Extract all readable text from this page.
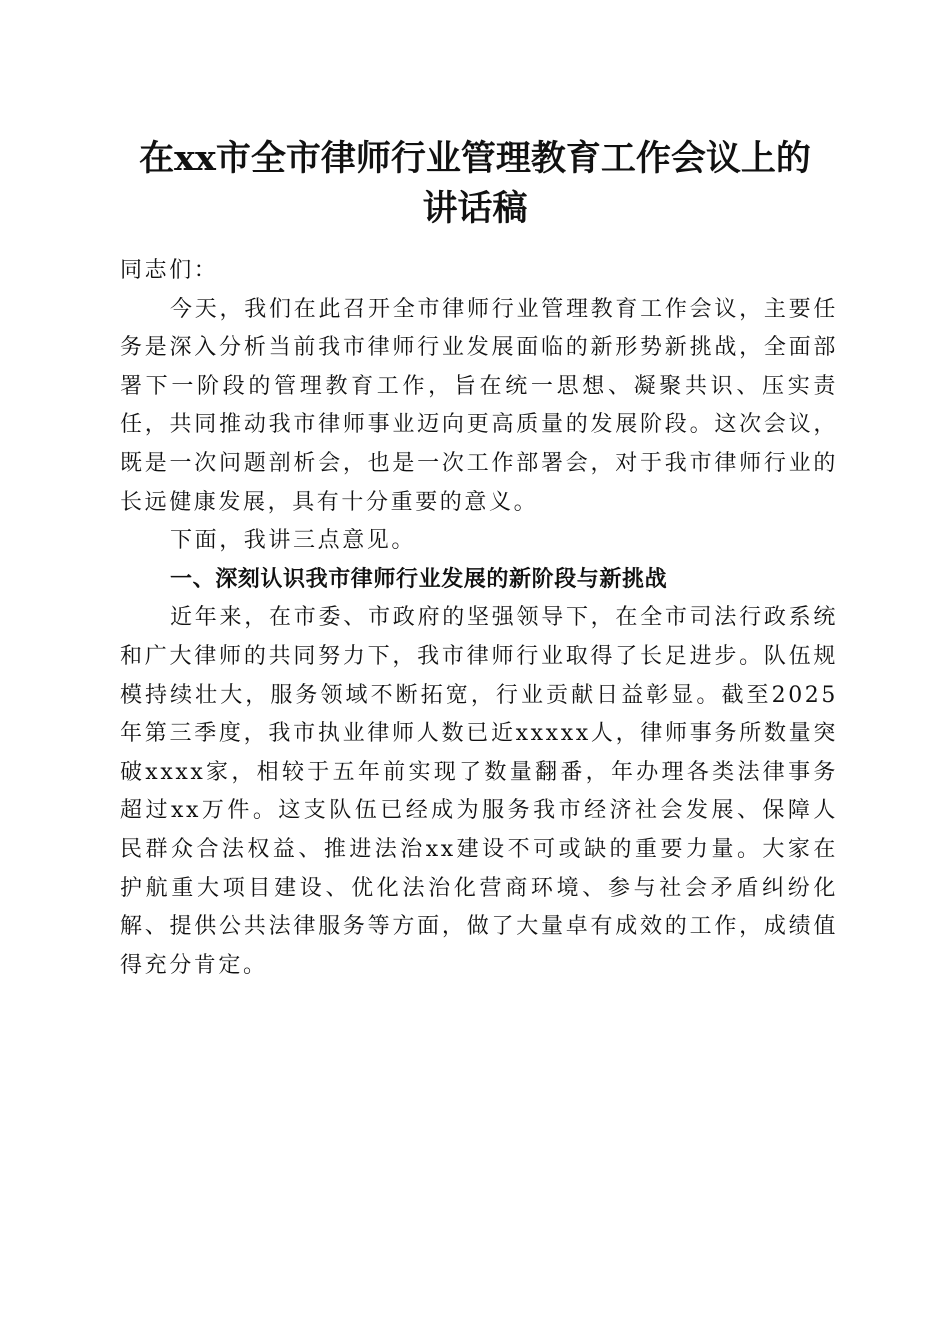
在xx市全市律师行业管理教育工作会议上的
讲话稿

同志们：

今天，我们在此召开全市律师行业管理教育工作会议，主要任务是深入分析当前我市律师行业发展面临的新形势新挑战，全面部署下一阶段的管理教育工作，旨在统一思想、凝聚共识、压实责任，共同推动我市律师事业迈向更高质量的发展阶段。这次会议，既是一次问题剖析会，也是一次工作部署会，对于我市律师行业的长远健康发展，具有十分重要的意义。

下面，我讲三点意见。

一、深刻认识我市律师行业发展的新阶段与新挑战

近年来，在市委、市政府的坚强领导下，在全市司法行政系统和广大律师的共同努力下，我市律师行业取得了长足进步。队伍规模持续壮大，服务领域不断拓宽，行业贡献日益彰显。截至2025年第三季度，我市执业律师人数已近xxxxx人，律师事务所数量突破xxxx家，相较于五年前实现了数量翻番，年办理各类法律事务超过xx万件。这支队伍已经成为服务我市经济社会发展、保障人民群众合法权益、推进法治xx建设不可或缺的重要力量。大家在护航重大项目建设、优化法治化营商环境、参与社会矛盾纠纷化解、提供公共法律服务等方面，做了大量卓有成效的工作，成绩值得充分肯定。
